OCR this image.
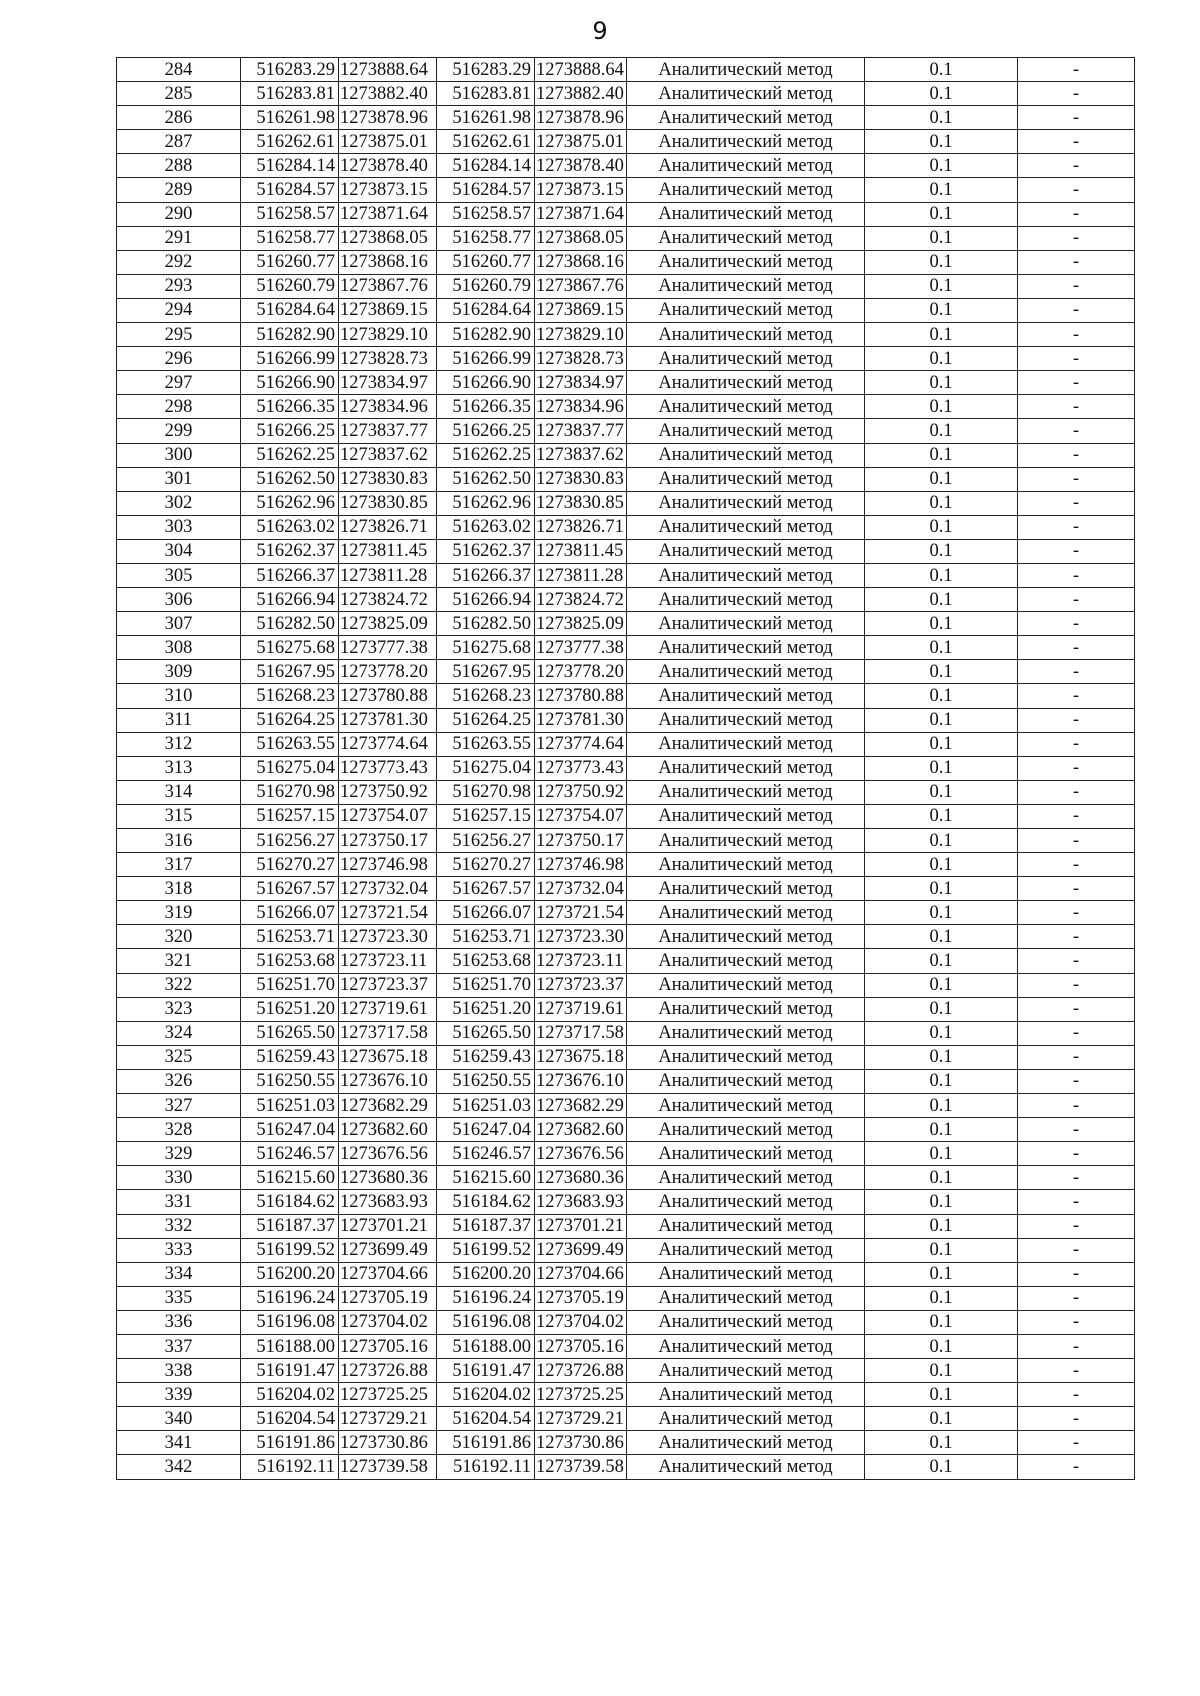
9
284	516283.29	1273888.64	516283.29	1273888.64	Аналитический метод	0.1	-
285	516283.81	1273882.40	516283.81	1273882.40	Аналитический метод	0.1	-
286	516261.98	1273878.96	516261.98	1273878.96	Аналитический метод	0.1	-
287	516262.61	1273875.01	516262.61	1273875.01	Аналитический метод	0.1	-
288	516284.14	1273878.40	516284.14	1273878.40	Аналитический метод	0.1	-
289	516284.57	1273873.15	516284.57	1273873.15	Аналитический метод	0.1	-
290	516258.57	1273871.64	516258.57	1273871.64	Аналитический метод	0.1	-
291	516258.77	1273868.05	516258.77	1273868.05	Аналитический метод	0.1	-
292	516260.77	1273868.16	516260.77	1273868.16	Аналитический метод	0.1	-
293	516260.79	1273867.76	516260.79	1273867.76	Аналитический метод	0.1	-
294	516284.64	1273869.15	516284.64	1273869.15	Аналитический метод	0.1	-
295	516282.90	1273829.10	516282.90	1273829.10	Аналитический метод	0.1	-
296	516266.99	1273828.73	516266.99	1273828.73	Аналитический метод	0.1	-
297	516266.90	1273834.97	516266.90	1273834.97	Аналитический метод	0.1	-
298	516266.35	1273834.96	516266.35	1273834.96	Аналитический метод	0.1	-
299	516266.25	1273837.77	516266.25	1273837.77	Аналитический метод	0.1	-
300	516262.25	1273837.62	516262.25	1273837.62	Аналитический метод	0.1	-
301	516262.50	1273830.83	516262.50	1273830.83	Аналитический метод	0.1	-
302	516262.96	1273830.85	516262.96	1273830.85	Аналитический метод	0.1	-
303	516263.02	1273826.71	516263.02	1273826.71	Аналитический метод	0.1	-
304	516262.37	1273811.45	516262.37	1273811.45	Аналитический метод	0.1	-
305	516266.37	1273811.28	516266.37	1273811.28	Аналитический метод	0.1	-
306	516266.94	1273824.72	516266.94	1273824.72	Аналитический метод	0.1	-
307	516282.50	1273825.09	516282.50	1273825.09	Аналитический метод	0.1	-
308	516275.68	1273777.38	516275.68	1273777.38	Аналитический метод	0.1	-
309	516267.95	1273778.20	516267.95	1273778.20	Аналитический метод	0.1	-
310	516268.23	1273780.88	516268.23	1273780.88	Аналитический метод	0.1	-
311	516264.25	1273781.30	516264.25	1273781.30	Аналитический метод	0.1	-
312	516263.55	1273774.64	516263.55	1273774.64	Аналитический метод	0.1	-
313	516275.04	1273773.43	516275.04	1273773.43	Аналитический метод	0.1	-
314	516270.98	1273750.92	516270.98	1273750.92	Аналитический метод	0.1	-
315	516257.15	1273754.07	516257.15	1273754.07	Аналитический метод	0.1	-
316	516256.27	1273750.17	516256.27	1273750.17	Аналитический метод	0.1	-
317	516270.27	1273746.98	516270.27	1273746.98	Аналитический метод	0.1	-
318	516267.57	1273732.04	516267.57	1273732.04	Аналитический метод	0.1	-
319	516266.07	1273721.54	516266.07	1273721.54	Аналитический метод	0.1	-
320	516253.71	1273723.30	516253.71	1273723.30	Аналитический метод	0.1	-
321	516253.68	1273723.11	516253.68	1273723.11	Аналитический метод	0.1	-
322	516251.70	1273723.37	516251.70	1273723.37	Аналитический метод	0.1	-
323	516251.20	1273719.61	516251.20	1273719.61	Аналитический метод	0.1	-
324	516265.50	1273717.58	516265.50	1273717.58	Аналитический метод	0.1	-
325	516259.43	1273675.18	516259.43	1273675.18	Аналитический метод	0.1	-
326	516250.55	1273676.10	516250.55	1273676.10	Аналитический метод	0.1	-
327	516251.03	1273682.29	516251.03	1273682.29	Аналитический метод	0.1	-
328	516247.04	1273682.60	516247.04	1273682.60	Аналитический метод	0.1	-
329	516246.57	1273676.56	516246.57	1273676.56	Аналитический метод	0.1	-
330	516215.60	1273680.36	516215.60	1273680.36	Аналитический метод	0.1	-
331	516184.62	1273683.93	516184.62	1273683.93	Аналитический метод	0.1	-
332	516187.37	1273701.21	516187.37	1273701.21	Аналитический метод	0.1	-
333	516199.52	1273699.49	516199.52	1273699.49	Аналитический метод	0.1	-
334	516200.20	1273704.66	516200.20	1273704.66	Аналитический метод	0.1	-
335	516196.24	1273705.19	516196.24	1273705.19	Аналитический метод	0.1	-
336	516196.08	1273704.02	516196.08	1273704.02	Аналитический метод	0.1	-
337	516188.00	1273705.16	516188.00	1273705.16	Аналитический метод	0.1	-
338	516191.47	1273726.88	516191.47	1273726.88	Аналитический метод	0.1	-
339	516204.02	1273725.25	516204.02	1273725.25	Аналитический метод	0.1	-
340	516204.54	1273729.21	516204.54	1273729.21	Аналитический метод	0.1	-
341	516191.86	1273730.86	516191.86	1273730.86	Аналитический метод	0.1	-
342	516192.11	1273739.58	516192.11	1273739.58	Аналитический метод	0.1	-
